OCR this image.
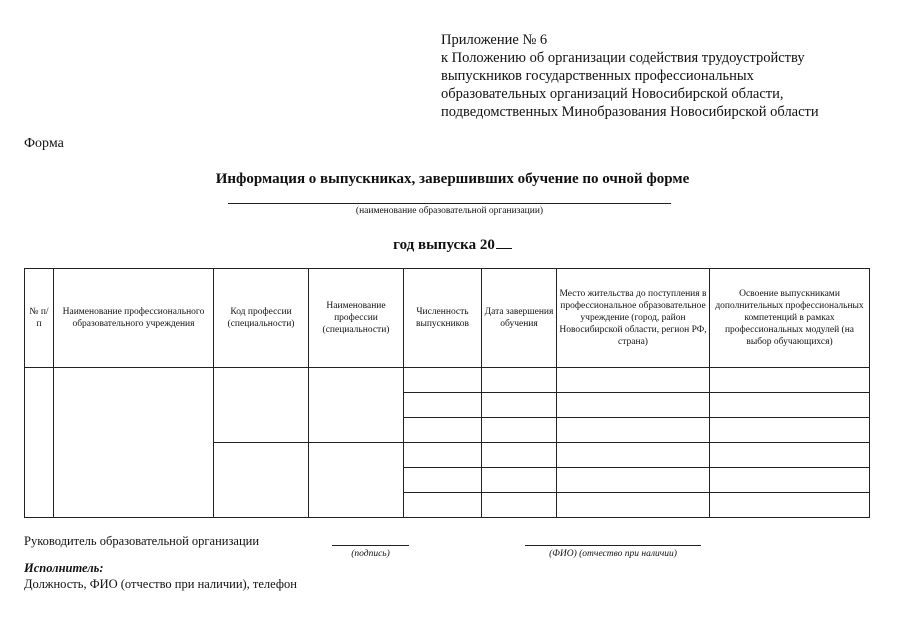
Приложение № 6
к Положению об организации содействия трудоустройству
выпускников государственных профессиональных
образовательных организаций Новосибирской области,
подведомственных Минобразования Новосибирской области
Форма
Информация о выпускниках, завершивших обучение по очной форме
(наименование образовательной организации)
год выпуска 20
№ п/п	Наименование профессионального образовательного учреждения	Код профессии (специальности)	Наименование профессии (специальности)	Численность выпускников	Дата завершения обучения	Место жительства до поступления в профессиональное образовательное учреждение (город, район Новосибирской области, регион РФ, страна)	Освоение выпускниками дополнительных профессиональных компетенций в рамках профессиональных модулей (на выбор обучающихся)

Руководитель образовательной организации
(подпись)	(ФИО) (отчество при наличии)
Исполнитель:
Должность, ФИО (отчество при наличии), телефон
